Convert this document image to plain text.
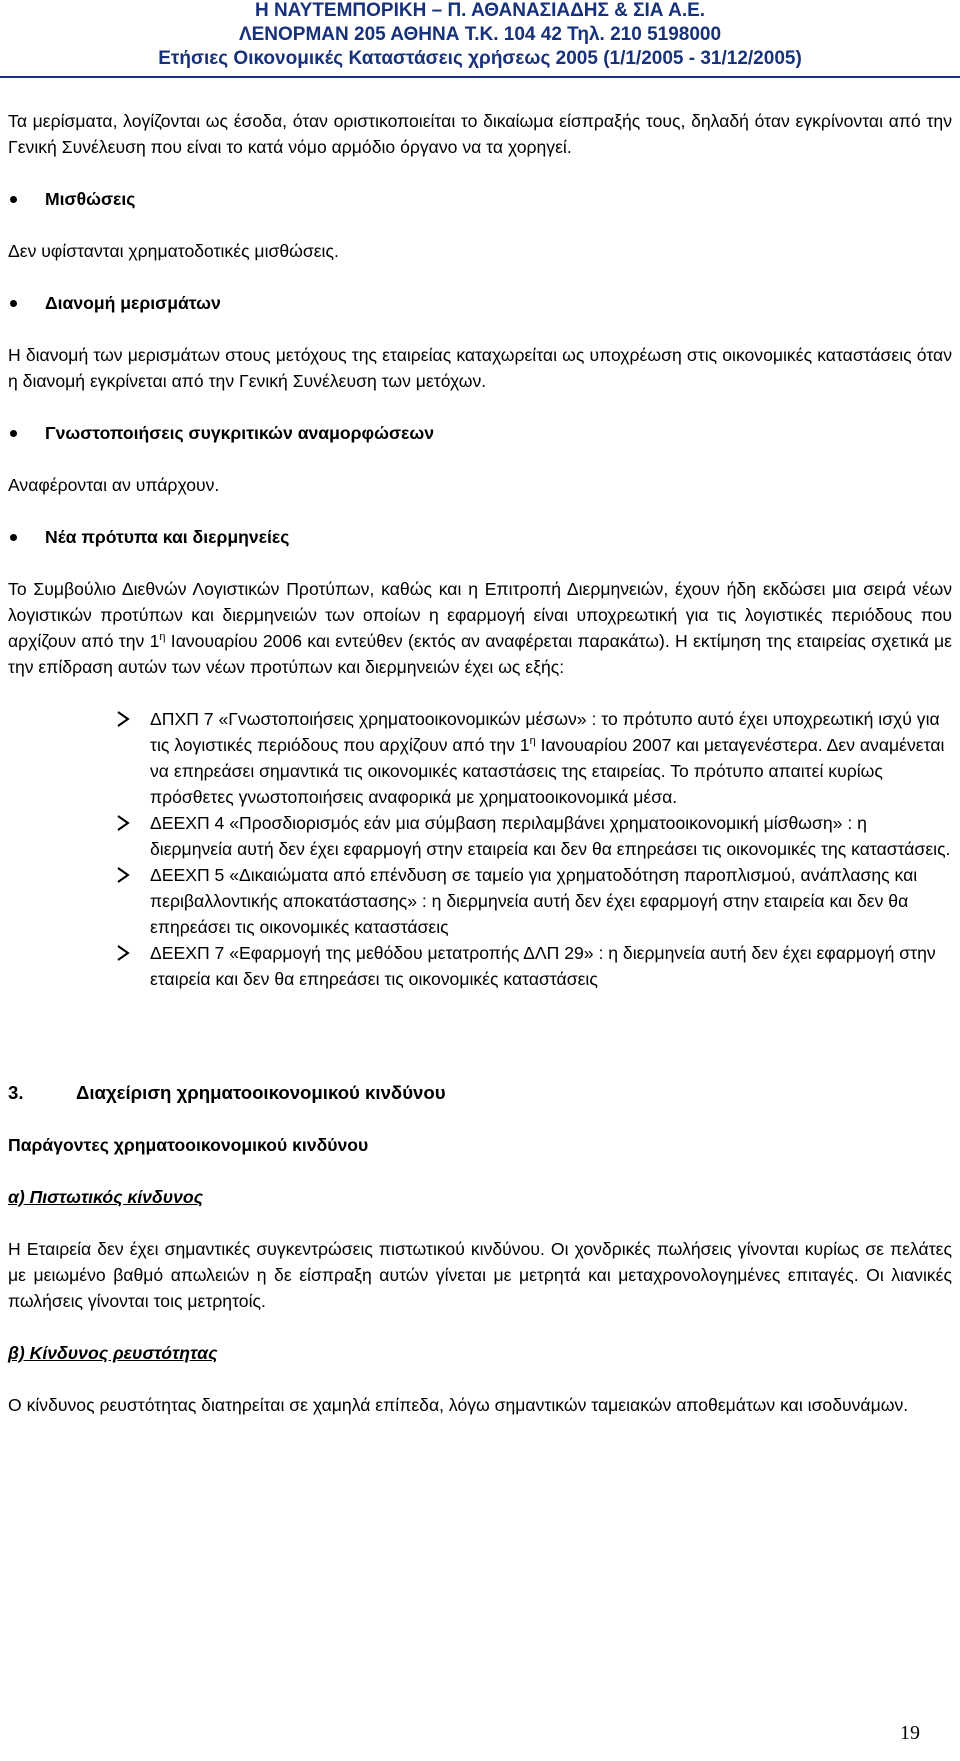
Η ΝΑΥΤΕΜΠΟΡΙΚΗ – Π. ΑΘΑΝΑΣΙΑΔΗΣ & ΣΙΑ Α.Ε.
ΛΕΝΟΡΜΑΝ 205 ΑΘΗΝΑ Τ.Κ. 104 42 Τηλ. 210 5198000
Ετήσιες Οικονομικές Καταστάσεις χρήσεως 2005 (1/1/2005 - 31/12/2005)

Τα μερίσματα, λογίζονται ως έσοδα, όταν οριστικοποιείται το δικαίωμα είσπραξής τους, δηλαδή όταν εγκρίνονται από την Γενική Συνέλευση που είναι το κατά νόμο αρμόδιο όργανο να τα χορηγεί.

Μισθώσεις

Δεν υφίστανται χρηματοδοτικές μισθώσεις.

Διανομή μερισμάτων

Η διανομή των μερισμάτων στους μετόχους της εταιρείας καταχωρείται ως υποχρέωση στις οικονομικές καταστάσεις όταν η διανομή εγκρίνεται από την Γενική Συνέλευση των μετόχων.

Γνωστοποιήσεις συγκριτικών αναμορφώσεων

Αναφέρονται αν υπάρχουν.

Νέα πρότυπα και διερμηνείες

Το Συμβούλιο Διεθνών Λογιστικών Προτύπων, καθώς και η Επιτροπή Διερμηνειών, έχουν ήδη εκδώσει μια σειρά νέων λογιστικών προτύπων και διερμηνειών των οποίων η εφαρμογή είναι υποχρεωτική για τις λογιστικές περιόδους που αρχίζουν από την $1^\eta$ Ιανουαρίου 2006 και εντεύθεν (εκτός αν αναφέρεται παρακάτω). Η εκτίμηση της εταιρείας σχετικά με την επίδραση αυτών των νέων προτύπων και διερμηνειών έχει ως εξής:

ΔΠΧΠ 7 «Γνωστοποιήσεις χρηματοοικονομικών μέσων» : το πρότυπο αυτό έχει υποχρεωτική ισχύ για τις λογιστικές περιόδους που αρχίζουν από την $1^\eta$ Ιανουαρίου 2007 και μεταγενέστερα. Δεν αναμένεται να επηρεάσει σημαντικά τις οικονομικές καταστάσεις της εταιρείας. Το πρότυπο απαιτεί κυρίως πρόσθετες γνωστοποιήσεις αναφορικά με χρηματοοικονομικά μέσα.
ΔΕΕΧΠ 4 «Προσδιορισμός εάν μια σύμβαση περιλαμβάνει χρηματοοικονομική μίσθωση» : η διερμηνεία αυτή δεν έχει εφαρμογή στην εταιρεία και δεν θα επηρεάσει τις οικονομικές της καταστάσεις.
ΔΕΕΧΠ 5 «Δικαιώματα από επένδυση σε ταμείο για χρηματοδότηση παροπλισμού, ανάπλασης και περιβαλλοντικής αποκατάστασης» : η διερμηνεία αυτή δεν έχει εφαρμογή στην εταιρεία και δεν θα επηρεάσει τις οικονομικές καταστάσεις
ΔΕΕΧΠ 7 «Εφαρμογή της μεθόδου μετατροπής ΔΛΠ 29» : η διερμηνεία αυτή δεν έχει εφαρμογή στην εταιρεία και δεν θα επηρεάσει τις οικονομικές καταστάσεις

3.	Διαχείριση χρηματοοικονομικού κινδύνου

Παράγοντες χρηματοοικονομικού κινδύνου

α) Πιστωτικός κίνδυνος

Η Εταιρεία δεν έχει σημαντικές συγκεντρώσεις πιστωτικού κινδύνου. Οι χονδρικές πωλήσεις γίνονται κυρίως σε πελάτες με μειωμένο βαθμό απωλειών η δε είσπραξη αυτών γίνεται με μετρητά και μεταχρονολογημένες επιταγές. Οι λιανικές πωλήσεις γίνονται τοις μετρητοίς.

β) Κίνδυνος ρευστότητας

Ο κίνδυνος ρευστότητας διατηρείται σε χαμηλά επίπεδα, λόγω σημαντικών ταμειακών αποθεμάτων και ισοδυνάμων.

19
